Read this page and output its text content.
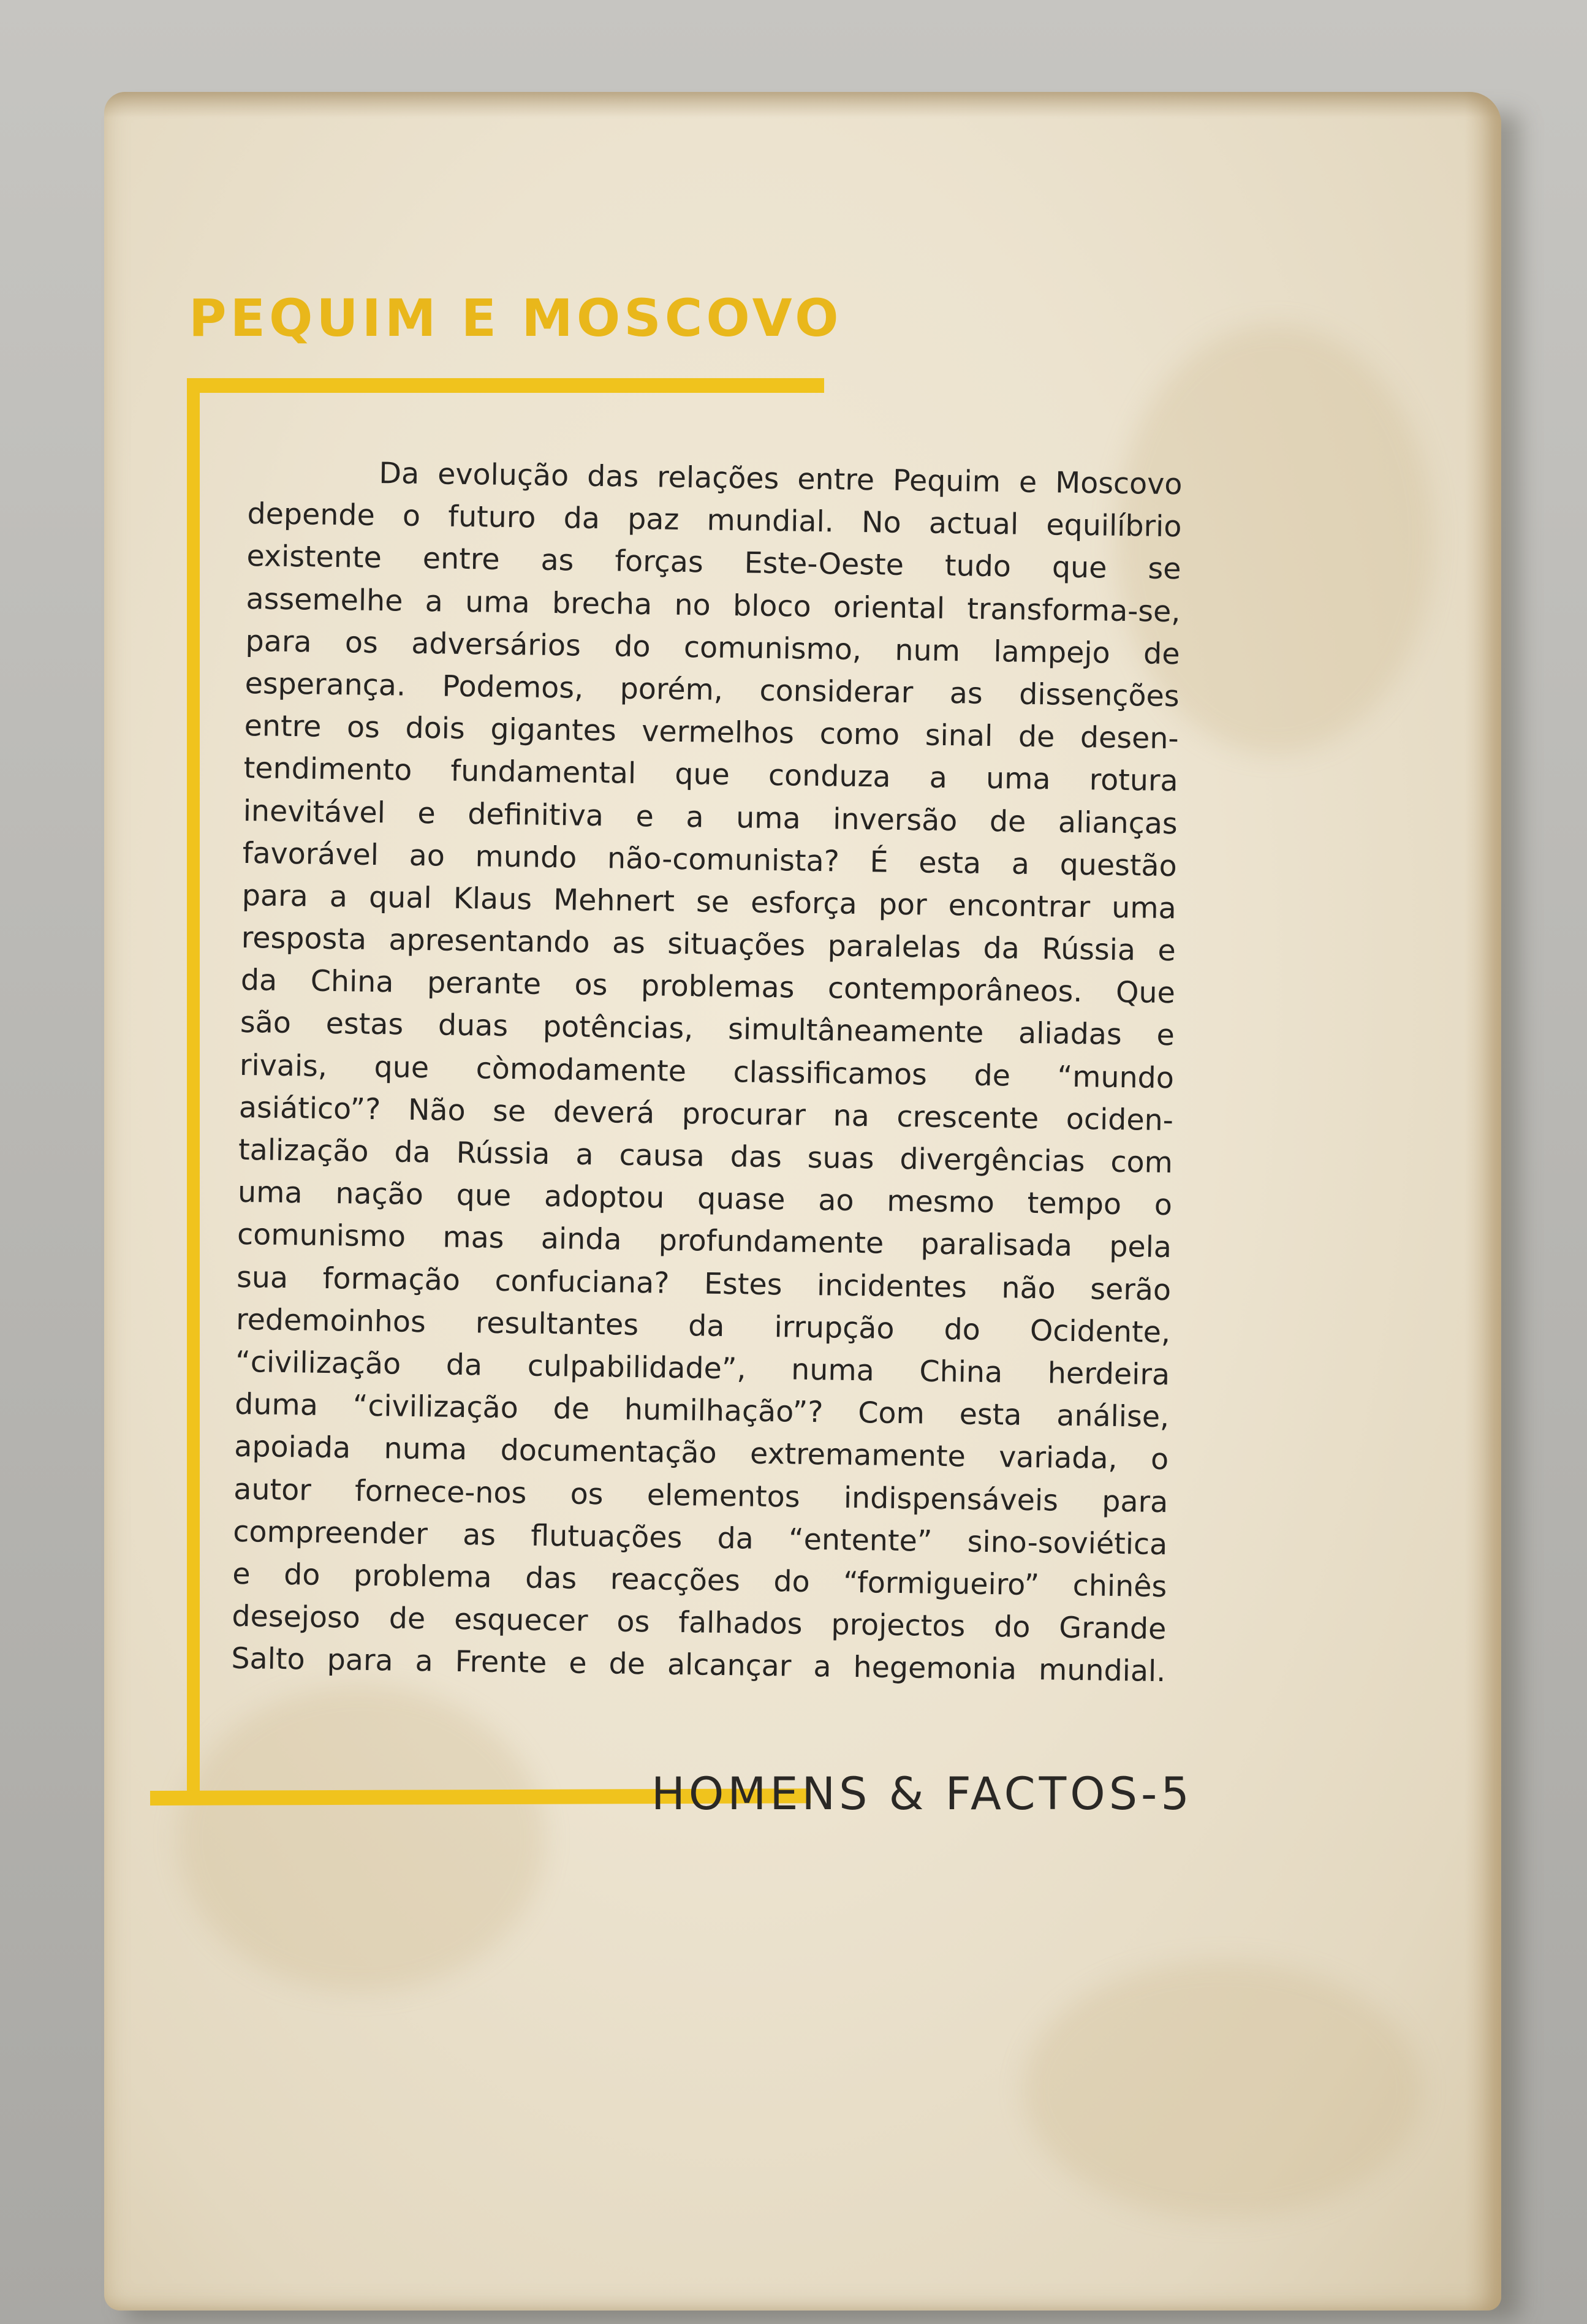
PEQUIM E MOSCOVO

Da evolução das relações entre Pequim e Moscovo
depende o futuro da paz mundial. No actual equilíbrio
existente entre as forças Este-Oeste tudo que se
assemelhe a uma brecha no bloco oriental transforma-se,
para os adversários do comunismo, num lampejo de
esperança. Podemos, porém, considerar as dissenções
entre os dois gigantes vermelhos como sinal de desen-
tendimento fundamental que conduza a uma rotura
inevitável e definitiva e a uma inversão de alianças
favorável ao mundo não-comunista? É esta a questão
para a qual Klaus Mehnert se esforça por encontrar uma
resposta apresentando as situações paralelas da Rússia e
da China perante os problemas contemporâneos. Que
são estas duas potências, simultâneamente aliadas e
rivais, que còmodamente classificamos de “mundo
asiático”? Não se deverá procurar na crescente ociden-
talização da Rússia a causa das suas divergências com
uma nação que adoptou quase ao mesmo tempo o
comunismo mas ainda profundamente paralisada pela
sua formação confuciana? Estes incidentes não serão
redemoinhos resultantes da irrupção do Ocidente,
“civilização da culpabilidade”, numa China herdeira
duma “civilização de humilhação”? Com esta análise,
apoiada numa documentação extremamente variada, o
autor fornece-nos os elementos indispensáveis para
compreender as flutuações da “entente” sino-soviética
e do problema das reacções do “formigueiro” chinês
desejoso de esquecer os falhados projectos do Grande
Salto para a Frente e de alcançar a hegemonia mundial.

HOMENS & FACTOS-5
